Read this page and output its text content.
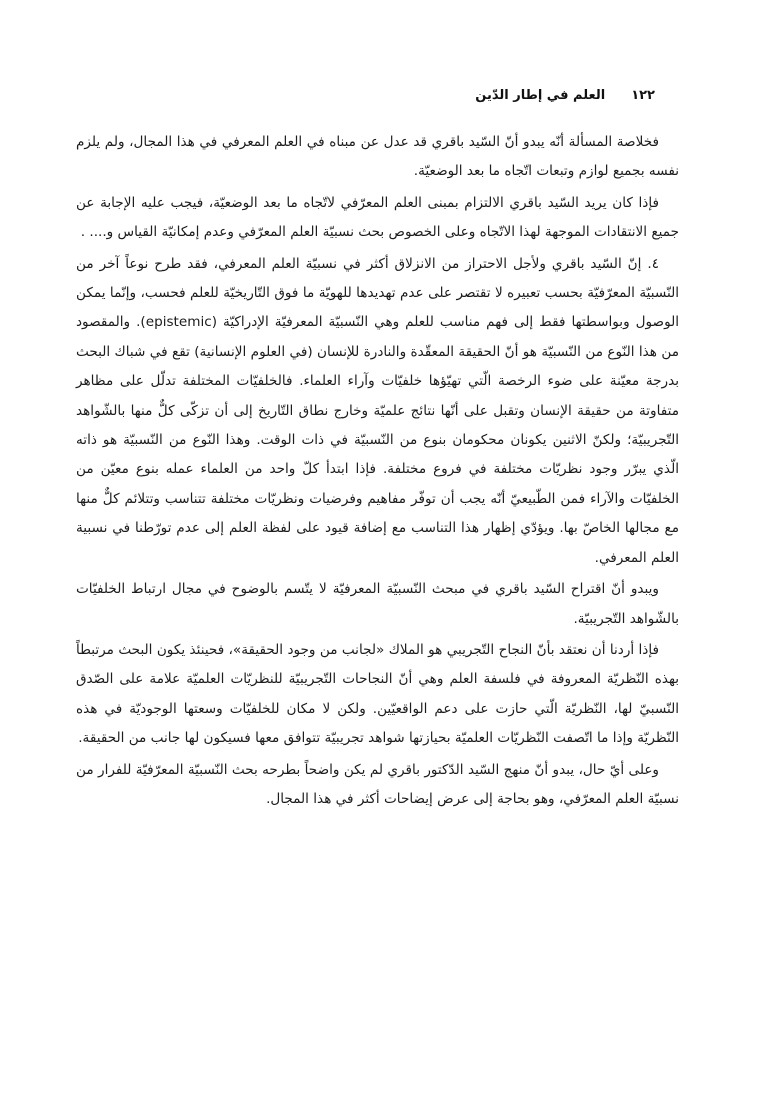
١٢٢
العلم في إطار الدّين

فخلاصة المسألة أنّه يبدو أنّ السّيد باقري قد عدل عن مبناه في العلم المعرفي في هذا المجال، ولم يلزم نفسه بجميع لوازم وتبعات اتّجاه ما بعد الوضعيّة.

فإذا كان يريد السّيد باقري الالتزام بمبنى العلم المعرّفي لاتّجاه ما بعد الوضعيّة، فيجب عليه الإجابة عن جميع الانتقادات الموجهة لهذا الاتّجاه وعلى الخصوص بحث نسبيّة العلم المعرّفي وعدم إمكانيّة القياس و.... .

٤. إنّ السّيد باقري ولأجل الاحتراز من الانزلاق أكثر في نسبيّة العلم المعرفي، فقد طرح نوعاً آخر من النّسبيّة المعرّفيّة بحسب تعبيره لا تقتصر على عدم تهديدها للهويّة ما فوق التّاريخيّة للعلم فحسب، وإنّما يمكن الوصول وبواسطتها فقط إلى فهم مناسب للعلم وهي النّسبيّة المعرفيّة الإدراكيّة (epistemic). والمقصود من هذا النّوع من النّسبيّة هو أنّ الحقيقة المعقّدة والنادرة للإنسان (في العلوم الإنسانية) تقع في شباك البحث بدرجة معيّنة على ضوء الرخصة الّتي تهيّؤها خلفيّات وآراء العلماء. فالخلفيّات المختلفة تدلّل على مظاهر متفاوتة من حقيقة الإنسان وتقبل على أنّها نتائج علميّة وخارج نطاق التّاريخ إلى أن تزكّى كلٌّ منها بالشّواهد التّجريبيّة؛ ولكنّ الاثنين يكونان محكومان بنوع من النّسبيّة في ذات الوقت. وهذا النّوع من النّسبيّة هو ذاته الّذي يبرّر وجود نظريّات مختلفة في فروع مختلفة. فإذا ابتدأ كلّ واحد من العلماء عمله بنوع معيّن من الخلفيّات والآراء فمن الطّبيعيّ أنّه يجب أن توفّر مفاهيم وفرضيات ونظريّات مختلفة تتناسب وتتلائم كلٌّ منها مع مجالها الخاصّ بها. ويؤدّي إظهار هذا التناسب مع إضافة قيود على لفظة العلم إلى عدم تورّطنا في نسبية العلم المعرفي.

ويبدو أنّ اقتراح السّيد باقري في مبحث النّسبيّة المعرفيّة لا يتّسم بالوضوح في مجال ارتباط الخلفيّات بالشّواهد التّجريبيّة.

فإذا أردنا أن نعتقد بأنّ النجاح التّجريبي هو الملاك «لجانب من وجود الحقيقة»، فحينئذ يكون البحث مرتبطاً بهذه النّظريّة المعروفة في فلسفة العلم وهي أنّ النجاحات التّجريبيّة للنظريّات العلميّة علامة على الصّدق النّسبيّ لها، النّظريّة الّتي حازت على دعم الواقعيّين. ولكن لا مكان للخلفيّات وسعتها الوجوديّة في هذه النّظريّة وإذا ما اتّصفت النّظريّات العلميّة بحيازتها شواهد تجريبيّة تتوافق معها فسيكون لها جانب من الحقيقة.

وعلى أيّ حال، يبدو أنّ منهج السّيد الدّكتور باقري لم يكن واضحاً بطرحه بحث النّسبيّة المعرّفيّة للفرار من نسبيّة العلم المعرّفي، وهو بحاجة إلى عرض إيضاحات أكثر في هذا المجال.
